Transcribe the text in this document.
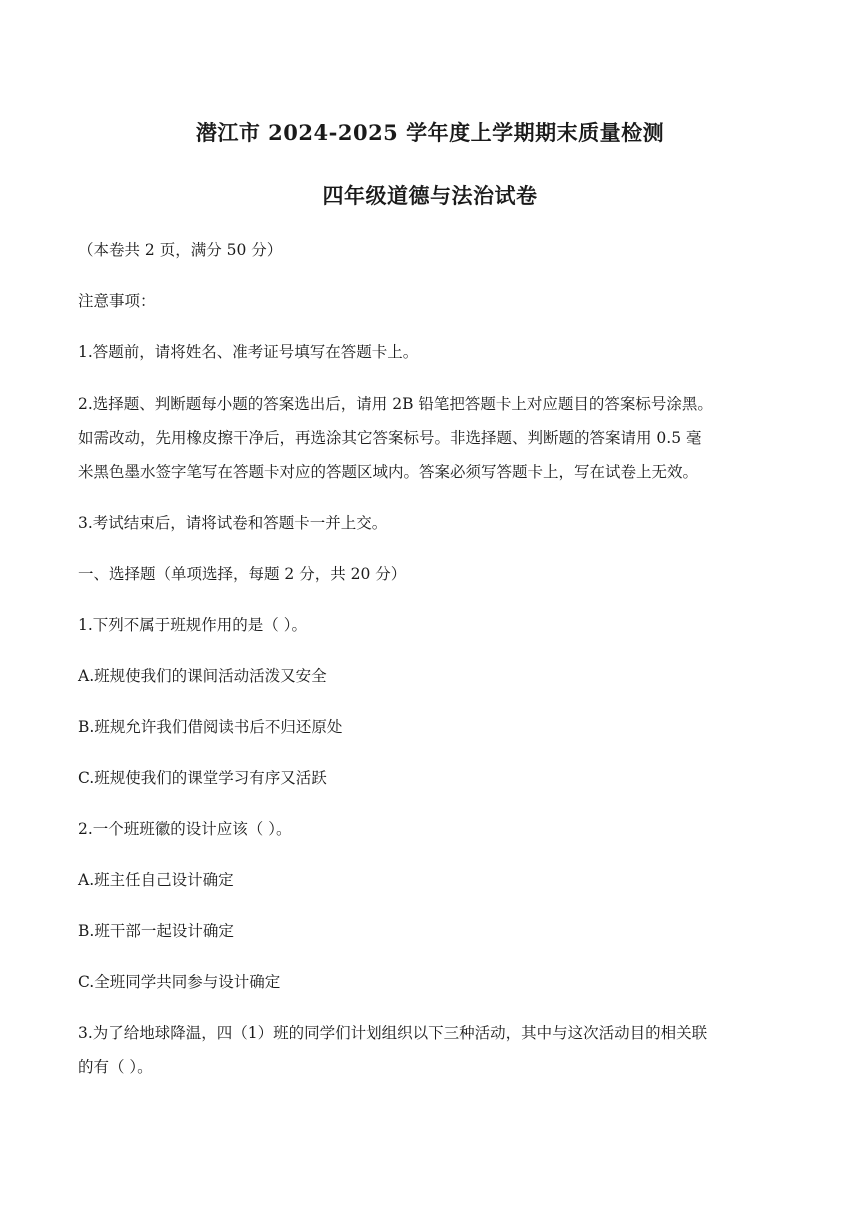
潜江市 2024-2025 学年度上学期期末质量检测
四年级道德与法治试卷
（本卷共 2 页，满分 50 分）
注意事项：
1.答题前，请将姓名、准考证号填写在答题卡上。
2.选择题、判断题每小题的答案选出后，请用 2B 铅笔把答题卡上对应题目的答案标号涂黑。
如需改动，先用橡皮擦干净后，再选涂其它答案标号。非选择题、判断题的答案请用 0.5 毫
米黑色墨水签字笔写在答题卡对应的答题区域内。答案必须写答题卡上，写在试卷上无效。
3.考试结束后，请将试卷和答题卡一并上交。
一、选择题（单项选择，每题 2 分，共 20 分）
1.下列不属于班规作用的是（ ）。
A.班规使我们的课间活动活泼又安全
B.班规允许我们借阅读书后不归还原处
C.班规使我们的课堂学习有序又活跃
2.一个班班徽的设计应该（ ）。
A.班主任自己设计确定
B.班干部一起设计确定
C.全班同学共同参与设计确定
3.为了给地球降温，四（1）班的同学们计划组织以下三种活动，其中与这次活动目的相关联
的有（ ）。
